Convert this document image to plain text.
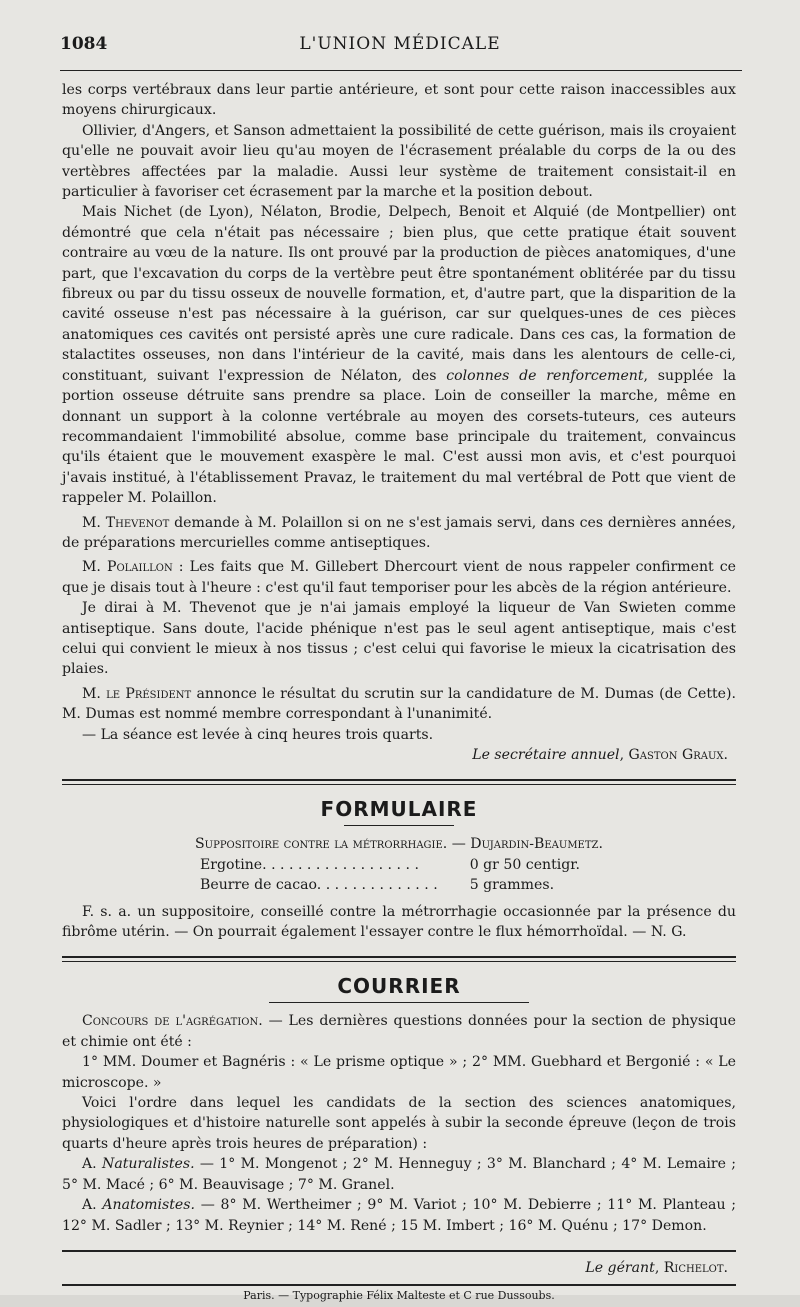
1084	L'UNION MÉDICALE

les corps vertébraux dans leur partie antérieure, et sont pour cette raison inaccessibles aux moyens chirurgicaux.

Ollivier, d'Angers, et Sanson admettaient la possibilité de cette guérison, mais ils croyaient qu'elle ne pouvait avoir lieu qu'au moyen de l'écrasement préalable du corps de la ou des vertèbres affectées par la maladie. Aussi leur système de traitement consistait-il en particulier à favoriser cet écrasement par la marche et la position debout.

Mais Nichet (de Lyon), Nélaton, Brodie, Delpech, Benoit et Alquié (de Montpellier) ont démontré que cela n'était pas nécessaire ; bien plus, que cette pratique était souvent contraire au vœu de la nature. Ils ont prouvé par la production de pièces anatomiques, d'une part, que l'excavation du corps de la vertèbre peut être spontanément oblitérée par du tissu fibreux ou par du tissu osseux de nouvelle formation, et, d'autre part, que la disparition de la cavité osseuse n'est pas nécessaire à la guérison, car sur quelques-unes de ces pièces anatomiques ces cavités ont persisté après une cure radicale. Dans ces cas, la formation de stalactites osseuses, non dans l'intérieur de la cavité, mais dans les alentours de celle-ci, constituant, suivant l'expression de Nélaton, des colonnes de renforcement, supplée la portion osseuse détruite sans prendre sa place. Loin de conseiller la marche, même en donnant un support à la colonne vertébrale au moyen des corsets-tuteurs, ces auteurs recommandaient l'immobilité absolue, comme base principale du traitement, convaincus qu'ils étaient que le mouvement exaspère le mal. C'est aussi mon avis, et c'est pourquoi j'avais institué, à l'établissement Pravaz, le traitement du mal vertébral de Pott que vient de rappeler M. Polaillon.

M. Thevenot demande à M. Polaillon si on ne s'est jamais servi, dans ces dernières années, de préparations mercurielles comme antiseptiques.

M. Polaillon : Les faits que M. Gillebert Dhercourt vient de nous rappeler confirment ce que je disais tout à l'heure : c'est qu'il faut temporiser pour les abcès de la région antérieure.

Je dirai à M. Thevenot que je n'ai jamais employé la liqueur de Van Swieten comme antiseptique. Sans doute, l'acide phénique n'est pas le seul agent antiseptique, mais c'est celui qui convient le mieux à nos tissus ; c'est celui qui favorise le mieux la cicatrisation des plaies.

M. le Président annonce le résultat du scrutin sur la candidature de M. Dumas (de Cette). M. Dumas est nommé membre correspondant à l'unanimité.

— La séance est levée à cinq heures trois quarts.

Le secrétaire annuel, Gaston Graux.

FORMULAIRE

Suppositoire contre la métrorrhagie. — Dujardin-Beaumetz.

Ergotine. . . . . . . . . . . . . . . . . .	0 gr 50 centigr.
Beurre de cacao. . . . . . . . . . . . . .	5 grammes.

F. s. a. un suppositoire, conseillé contre la métrorrhagie occasionnée par la présence du fibrôme utérin. — On pourrait également l'essayer contre le flux hémorrhoïdal. — N. G.

COURRIER

Concours de l'agrégation. — Les dernières questions données pour la section de physique et chimie ont été :

1° MM. Doumer et Bagnéris : « Le prisme optique » ; 2° MM. Guebhard et Bergonié : « Le microscope. »

Voici l'ordre dans lequel les candidats de la section des sciences anatomiques, physiologiques et d'histoire naturelle sont appelés à subir la seconde épreuve (leçon de trois quarts d'heure après trois heures de préparation) :

A. Naturalistes. — 1° M. Mongenot ; 2° M. Henneguy ; 3° M. Blanchard ; 4° M. Lemaire ; 5° M. Macé ; 6° M. Beauvisage ; 7° M. Granel.

A. Anatomistes. — 8° M. Wertheimer ; 9° M. Variot ; 10° M. Debierre ; 11° M. Planteau ; 12° M. Sadler ; 13° M. Reynier ; 14° M. René ; 15 M. Imbert ; 16° M. Quénu ; 17° Demon.

Le gérant, Richelot.

Paris. — Typographie Félix Malteste et C rue Dussoubs.
